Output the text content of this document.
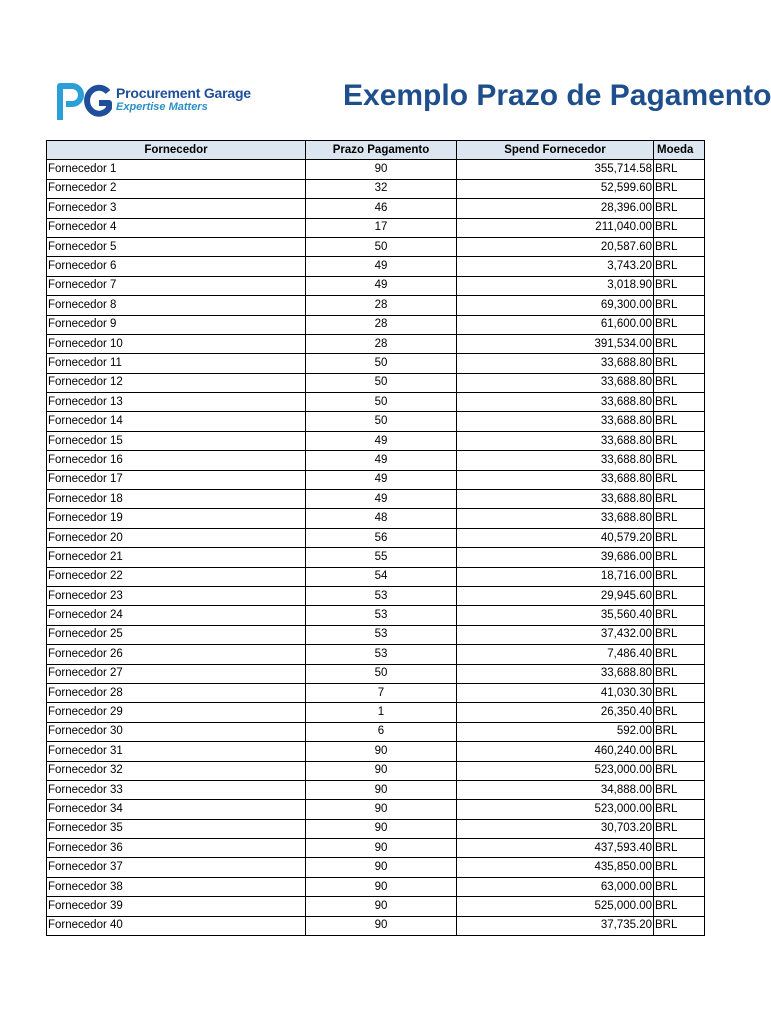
Procurement Garage
Expertise Matters	Exemplo Prazo de Pagamento
Fornecedor	Prazo Pagamento	Spend Fornecedor	Moeda
Fornecedor 1	90	355,714.58	BRL
Fornecedor 2	32	52,599.60	BRL
Fornecedor 3	46	28,396.00	BRL
Fornecedor 4	17	211,040.00	BRL
Fornecedor 5	50	20,587.60	BRL
Fornecedor 6	49	3,743.20	BRL
Fornecedor 7	49	3,018.90	BRL
Fornecedor 8	28	69,300.00	BRL
Fornecedor 9	28	61,600.00	BRL
Fornecedor 10	28	391,534.00	BRL
Fornecedor 11	50	33,688.80	BRL
Fornecedor 12	50	33,688.80	BRL
Fornecedor 13	50	33,688.80	BRL
Fornecedor 14	50	33,688.80	BRL
Fornecedor 15	49	33,688.80	BRL
Fornecedor 16	49	33,688.80	BRL
Fornecedor 17	49	33,688.80	BRL
Fornecedor 18	49	33,688.80	BRL
Fornecedor 19	48	33,688.80	BRL
Fornecedor 20	56	40,579.20	BRL
Fornecedor 21	55	39,686.00	BRL
Fornecedor 22	54	18,716.00	BRL
Fornecedor 23	53	29,945.60	BRL
Fornecedor 24	53	35,560.40	BRL
Fornecedor 25	53	37,432.00	BRL
Fornecedor 26	53	7,486.40	BRL
Fornecedor 27	50	33,688.80	BRL
Fornecedor 28	7	41,030.30	BRL
Fornecedor 29	1	26,350.40	BRL
Fornecedor 30	6	592.00	BRL
Fornecedor 31	90	460,240.00	BRL
Fornecedor 32	90	523,000.00	BRL
Fornecedor 33	90	34,888.00	BRL
Fornecedor 34	90	523,000.00	BRL
Fornecedor 35	90	30,703.20	BRL
Fornecedor 36	90	437,593.40	BRL
Fornecedor 37	90	435,850.00	BRL
Fornecedor 38	90	63,000.00	BRL
Fornecedor 39	90	525,000.00	BRL
Fornecedor 40	90	37,735.20	BRL
